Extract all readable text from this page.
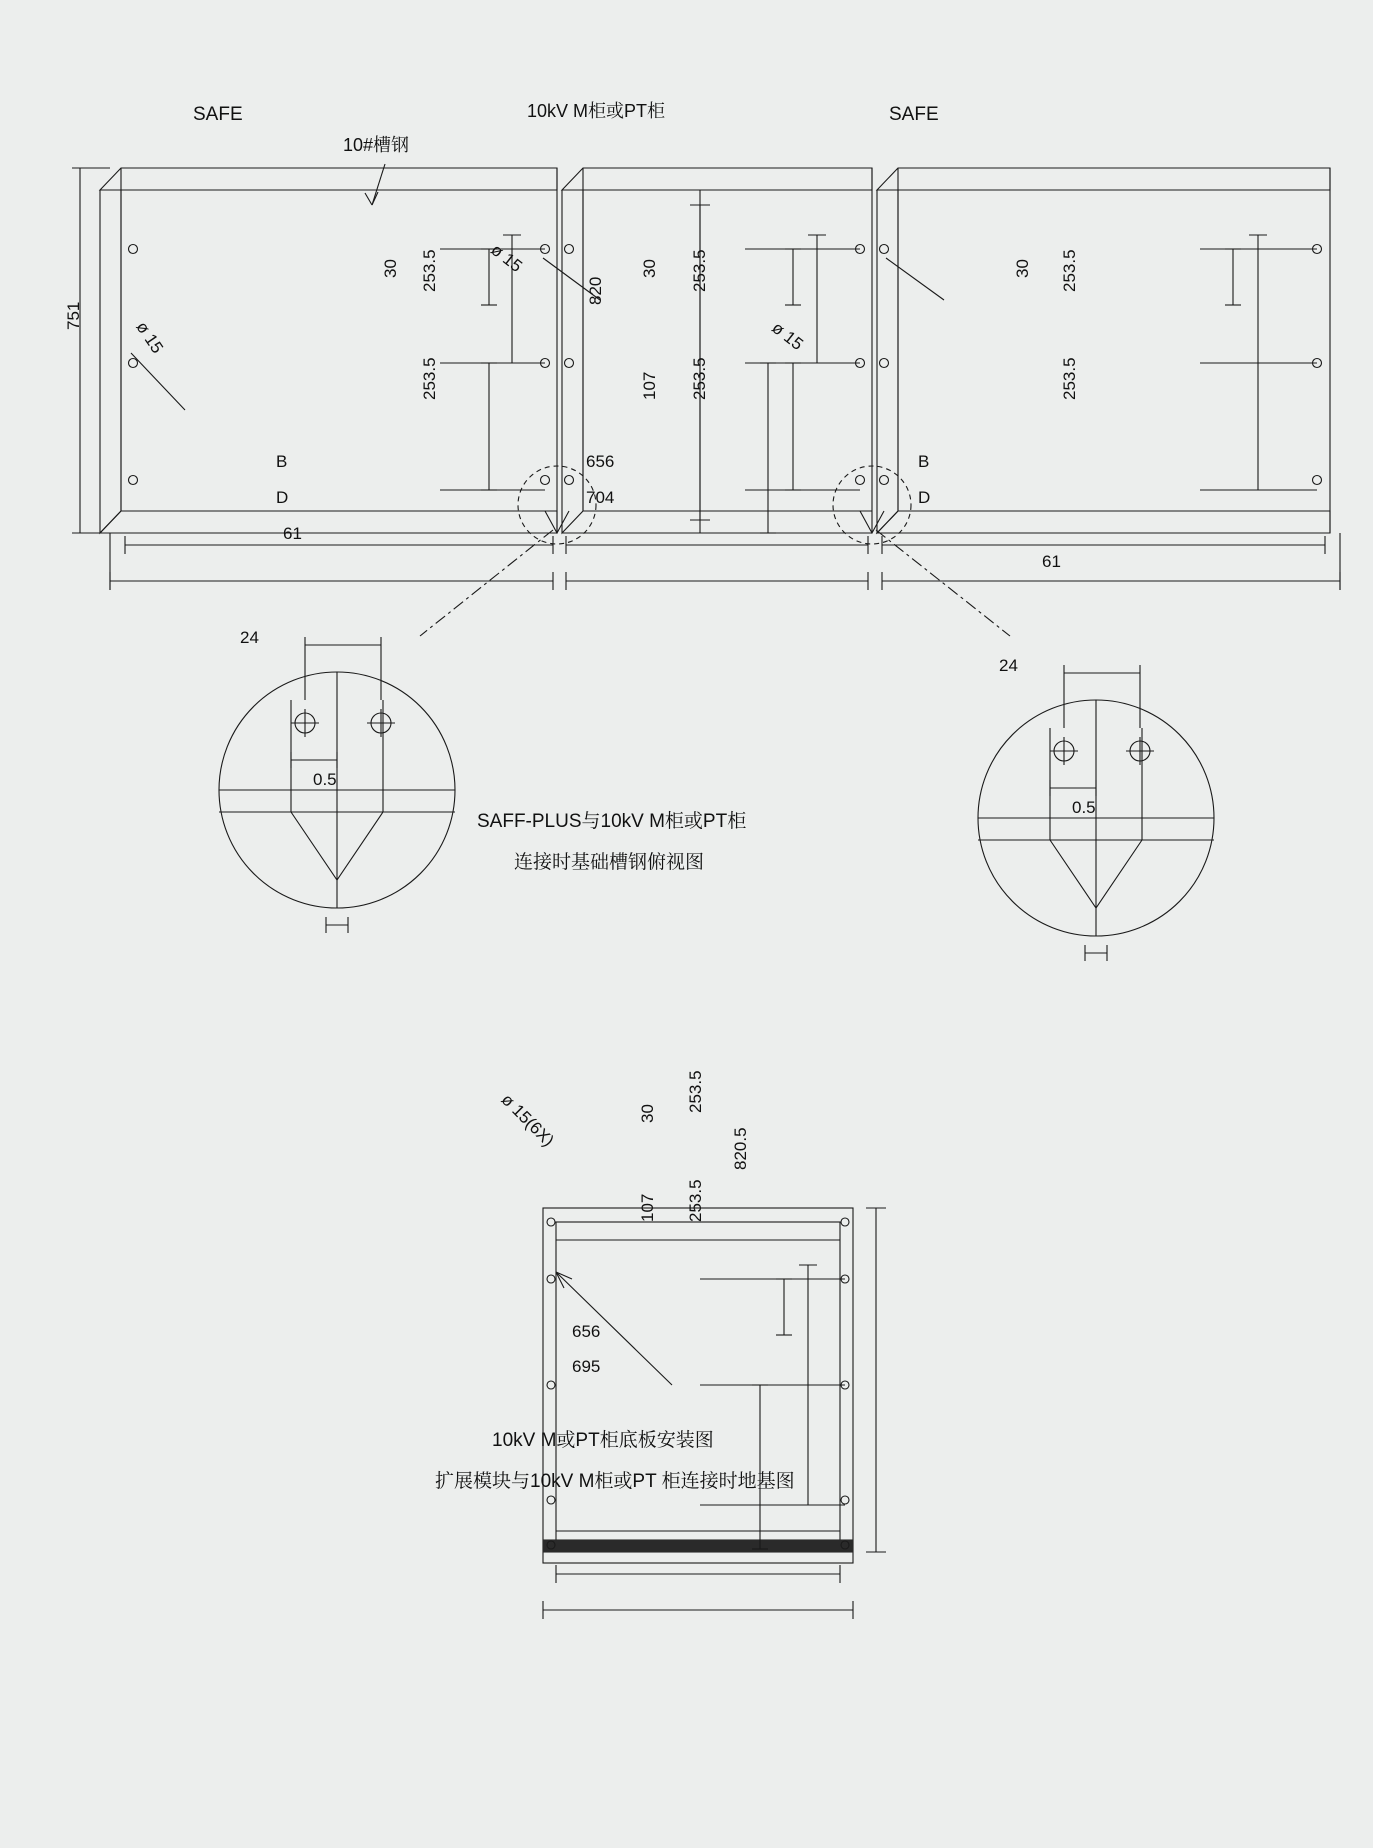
SAFE	SAFE
10kV M柜或PT柜
10#槽钢
751
820
30 253.5
253.5
30 253.5
253.5
107
30 253.5
253.5
ø 15
ø 15
ø 15
B	656	B
D	704	D
61
24
0.5
61
24
0.5
SAFF-PLUS与10kV M柜或PT柜
连接时基础槽钢俯视图
ø 15(6X)	30
253.5
107 253.5
820.5
656
695
10kV M或PT柜底板安装图
扩展模块与10kV M柜或PT 柜连接时地基图
